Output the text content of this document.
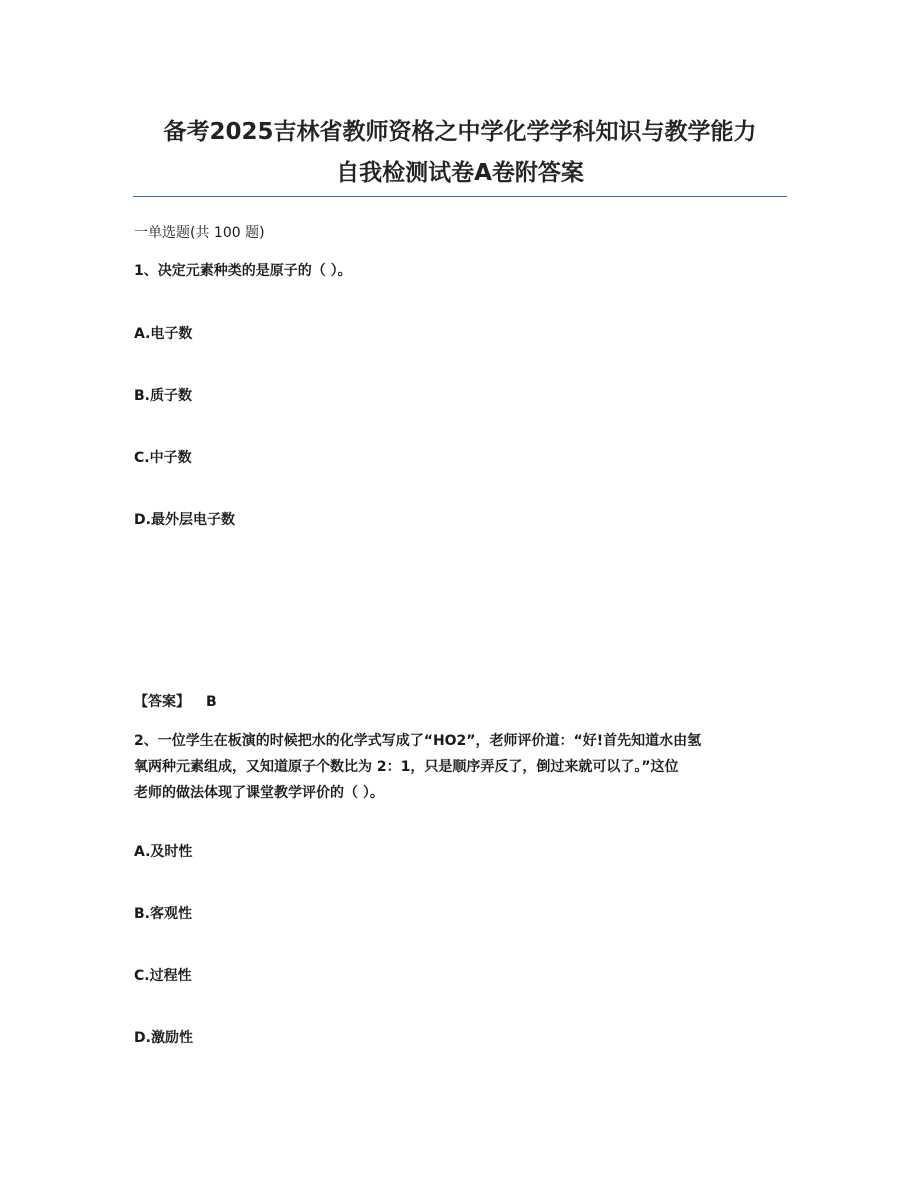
备考2025吉林省教师资格之中学化学学科知识与教学能力
自我检测试卷A卷附答案
一单选题(共 100 题)
1、决定元素种类的是原子的（ ）。
A.电子数
B.质子数
C.中子数
D.最外层电子数
【答案】 B
2、一位学生在板演的时候把水的化学式写成了“HO2”，老师评价道：“好!首先知道水由氢
氧两种元素组成，又知道原子个数比为 2：1，只是顺序弄反了，倒过来就可以了。”这位
老师的做法体现了课堂教学评价的（ ）。
A.及时性
B.客观性
C.过程性
D.激励性
